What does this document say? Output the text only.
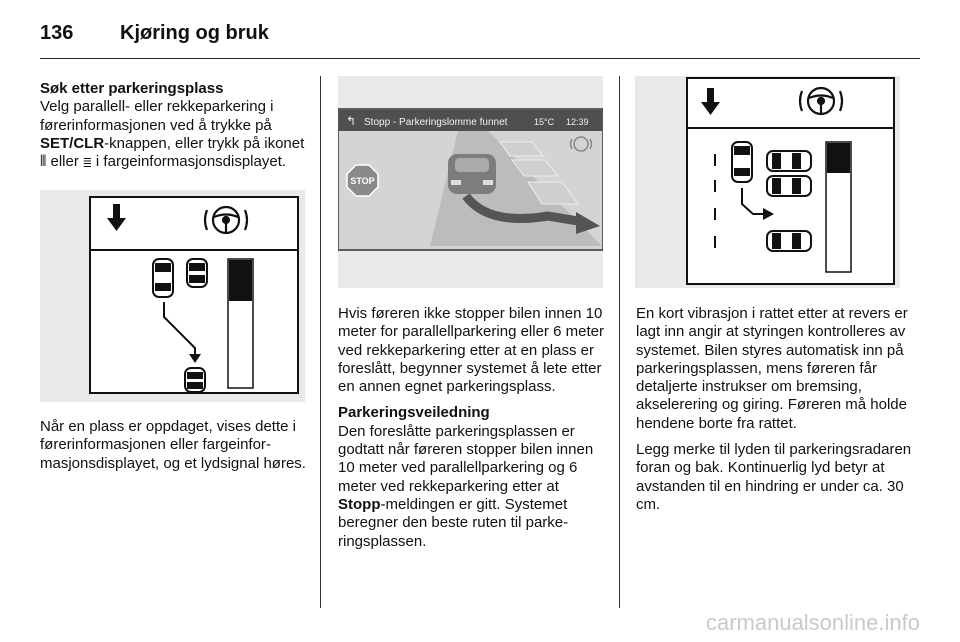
136 Kjøring og bruk

Søk etter parkeringsplass
Velg parallell- eller rekkeparkering i førerinformasjonen ved å trykke på SET/CLR-knappen, eller trykk på ikonet ⫴ eller ≣ i fargeinformasjonsdisplayet.

Når en plass er oppdaget, vises dette i førerinformasjonen eller fargeinformasjonsdisplayet, og et lydsignal høres.

↰ Stopp - Parkeringslomme funnet	15°C 12:39
STOP

Hvis føreren ikke stopper bilen innen 10 meter for parallellparkering eller 6 meter ved rekkeparkering etter at en plass er foreslått, begynner systemet å lete etter en annen egnet parkeringsplass.

Parkeringsveiledning
Den foreslåtte parkeringsplassen er godtatt når føreren stopper bilen innen 10 meter ved parallellparkering og 6 meter ved rekkeparkering etter at Stopp-meldingen er gitt. Systemet beregner den beste ruten til parkeringsplassen.

En kort vibrasjon i rattet etter at revers er lagt inn angir at styringen kontrolleres av systemet. Bilen styres automatisk inn på parkeringsplassen, mens føreren får detaljerte instrukser om bremsing, akselerering og giring. Føreren må holde hendene borte fra rattet.

Legg merke til lyden til parkeringsradaren foran og bak. Kontinuerlig lyd betyr at avstanden til en hindring er under ca. 30 cm.

carmanualsonline.info
